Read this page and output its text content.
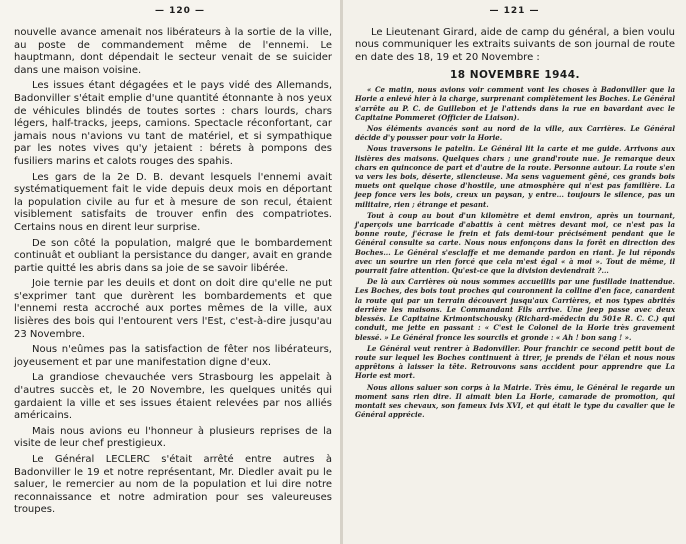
— 120 —

nouvelle avance amenait nos libérateurs à la sortie de la ville, au poste de commandement même de l'ennemi. Le hauptmann, dont dépendait le secteur venait de se suicider dans une maison voisine.

Les issues étant dégagées et le pays vidé des Allemands, Badonviller s'était emplie d'une quantité étonnante à nos yeux de véhicules blindés de toutes sortes : chars lourds, chars légers, half-tracks, jeeps, camions. Spectacle réconfortant, car jamais nous n'avions vu tant de matériel, et si sympathique par les notes vives qu'y jetaient : bérets à pompons des fusiliers marins et calots rouges des spahis.

Les gars de la 2e D. B. devant lesquels l'ennemi avait systématiquement fait le vide depuis deux mois en déportant la population civile au fur et à mesure de son recul, étaient visiblement satisfaits de trouver enfin des compatriotes. Certains nous en dirent leur surprise.

De son côté la population, malgré que le bombardement continuât et oubliant la persistance du danger, avait en grande partie quitté les abris dans sa joie de se savoir libérée.

Joie ternie par les deuils et dont on doit dire qu'elle ne put s'exprimer tant que durèrent les bombardements et que l'ennemi resta accroché aux portes mêmes de la ville, aux lisières des bois qui l'entourent vers l'Est, c'est-à-dire jusqu'au 23 Novembre.

Nous n'eûmes pas la satisfaction de fêter nos libérateurs, joyeusement et par une manifestation digne d'eux.

La grandiose chevauchée vers Strasbourg les appelait à d'autres succès et, le 20 Novembre, les quelques unités qui gardaient la ville et ses issues étaient relevées par nos alliés américains.

Mais nous avions eu l'honneur à plusieurs reprises de la visite de leur chef prestigieux.

Le Général LECLERC s'était arrêté entre autres à Badonviller le 19 et notre représentant, Mr. Diedler avait pu le saluer, le remercier au nom de la population et lui dire notre reconnaissance et notre admiration pour ses valeureuses troupes.

— 121 —

Le Lieutenant Girard, aide de camp du général, a bien voulu nous communiquer les extraits suivants de son journal de route en date des 18, 19 et 20 Novembre :

18 NOVEMBRE 1944.

« Ce matin, nous avions voir comment vont les choses à Badonviller que la Horie a enlevé hier à la charge, surprenant complètement les Boches. Le Général s'arrête au P. C. de Guillebon et je l'attends dans la rue en bavardant avec le Capitaine Pommeret (Officier de Liaison).

Nos éléments avancés sont au nord de la ville, aux Carrières. Le Général décide d'y pousser pour voir la Horie.

Nous traversons le patelin. Le Général lit la carte et me guide. Arrivons aux lisières des maisons. Quelques chars ; une grand'route nue. Je remarque deux chars en quinconce de part et d'autre de la route. Personne autour. La route s'en va vers les bois, déserte, silencieuse. Ma sens vaguement gêné, ces grands bois muets ont quelque chose d'hostile, une atmosphère qui n'est pas familière. La jeep fonce vers les bois, creux un paysan, y entre... toujours le silence, pas un militaire, rien ; étrange et pesant.

Tout à coup au bout d'un kilomètre et demi environ, après un tournant, j'aperçois une barricade d'abattis à cent mètres devant moi, ce n'est pas la bonne route, j'écrase le frein et fais demi-tour précisément pendant que le Général consulte sa carte. Nous nous enfonçons dans la forêt en direction des Boches... Le Général s'esclaffe et me demande pardon en riant. Je lui réponds avec un sourire un rien forcé que cela m'est égal « à moi ». Tout de même, il pourrait faire attention. Qu'est-ce que la division deviendrait ?...

De là aux Carrières où nous sommes accueillis par une fusillade inattendue. Les Boches, des bois tout proches qui couronnent la colline d'en face, canardent la route qui par un terrain découvert jusqu'aux Carrières, et nos types abrités derrière les maisons. Le Commandant Fils arrive. Une jeep passe avec deux blessés. Le Capitaine Krimontschousky (Richard-médecin du 501e R. C. C.) qui conduit, me jette en passant : « C'est le Colonel de la Horie très gravement blessé. » Le Général fronce les sourcils et gronde : « Ah ! bon sang ! ».

Le Général veut rentrer à Badonviller. Pour franchir ce second petit bout de route sur lequel les Boches continuent à tirer, je prends de l'élan et nous nous apprêtons à laisser la tête. Retrouvons sans accident pour apprendre que La Horie est mort.

Nous allons saluer son corps à la Mairie. Très ému, le Général le regarde un moment sans rien dire. Il aimait bien La Horie, camarade de promotion, qui montait ses chevaux, son fameux Ivis XVI, et qui était le type du cavalier que le Général apprécie.
